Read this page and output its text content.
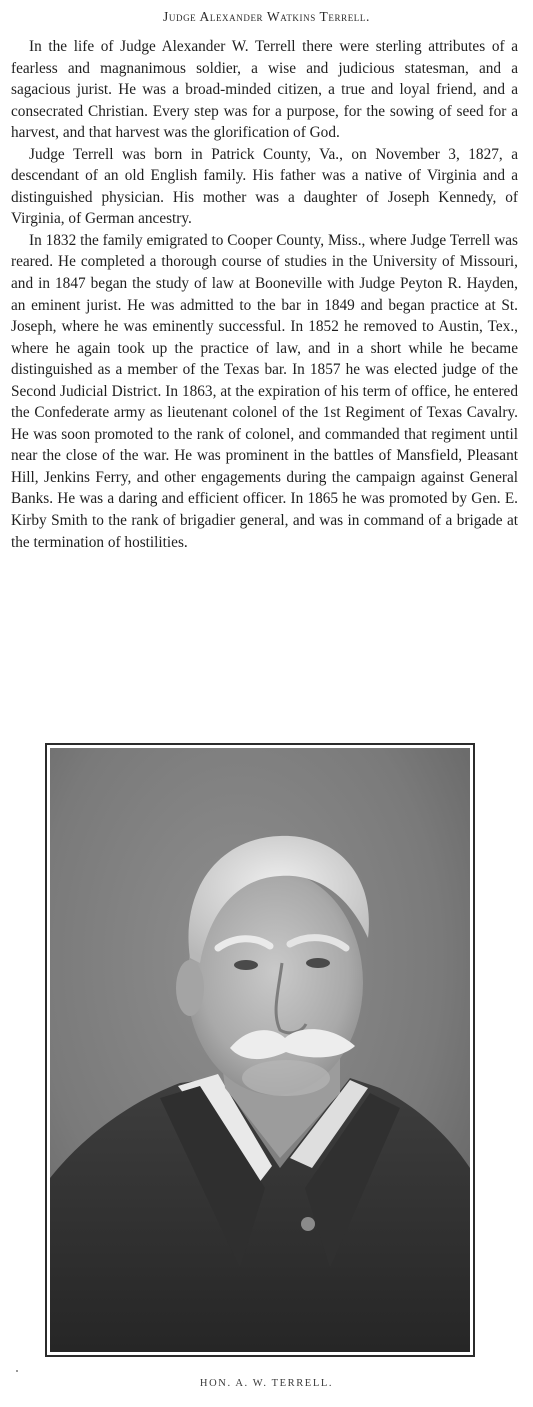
Judge Alexander Watkins Terrell.

In the life of Judge Alexander W. Terrell there were sterling attributes of a fearless and magnanimous soldier, a wise and judicious statesman, and a sagacious jurist. He was a broad-minded citizen, a true and loyal friend, and a consecrated Christian. Every step was for a purpose, for the sowing of seed for a harvest, and that harvest was the glorification of God.

Judge Terrell was born in Patrick County, Va., on November 3, 1827, a descendant of an old English family. His father was a native of Virginia and a distinguished physician. His mother was a daughter of Joseph Kennedy, of Virginia, of German ancestry.

In 1832 the family emigrated to Cooper County, Miss., where Judge Terrell was reared. He completed a thorough course of studies in the University of Missouri, and in 1847 began the study of law at Booneville with Judge Peyton R. Hayden, an eminent jurist. He was admitted to the bar in 1849 and began practice at St. Joseph, where he was eminently successful. In 1852 he removed to Austin, Tex., where he again took up the practice of law, and in a short while he became distinguished as a member of the Texas bar. In 1857 he was elected judge of the Second Judicial District. In 1863, at the expiration of his term of office, he entered the Confederate army as lieutenant colonel of the 1st Regiment of Texas Cavalry. He was soon promoted to the rank of colonel, and commanded that regiment until near the close of the war. He was prominent in the battles of Mansfield, Pleasant Hill, Jenkins Ferry, and other engagements during the campaign against General Banks. He was a daring and efficient officer. In 1865 he was promoted by Gen. E. Kirby Smith to the rank of brigadier general, and was in command of a brigade at the termination of hostilities.

HON. A. W. TERRELL.
